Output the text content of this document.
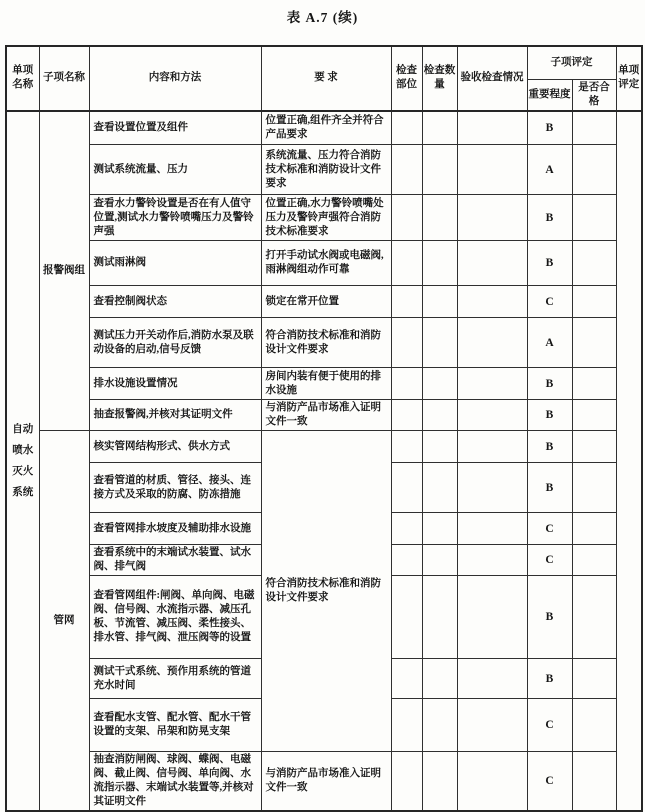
表 A.7 (续)
单项名称	子项名称	内容和方法	要 求	检查部位	检查数量	验收检查情况	子项评定		单项评定
							重要程度	是否合格	
自动喷水灭火系统	报警阀组	查看设置位置及组件	位置正确,组件齐全并符合产品要求				B		
		测试系统流量、压力	系统流量、压力符合消防技术标准和消防设计文件要求				A		
		查看水力警铃设置是否在有人值守位置,测试水力警铃喷嘴压力及警铃声强	位置正确,水力警铃喷嘴处压力及警铃声强符合消防技术标准要求				B		
		测试雨淋阀	打开手动试水阀或电磁阀,雨淋阀组动作可靠				B		
		查看控制阀状态	锁定在常开位置				C		
		测试压力开关动作后,消防水泵及联动设备的启动,信号反馈	符合消防技术标准和消防设计文件要求				A		
		排水设施设置情况	房间内装有便于使用的排水设施				B		
		抽查报警阀,并核对其证明文件	与消防产品市场准入证明文件一致				B		
	管网	核实管网结构形式、供水方式	符合消防技术标准和消防设计文件要求				B		
		查看管道的材质、管径、接头、连接方式及采取的防腐、防冻措施					B		
		查看管网排水坡度及辅助排水设施					C		
		查看系统中的末端试水装置、试水阀、排气阀					C		
		查看管网组件:闸阀、单向阀、电磁阀、信号阀、水流指示器、减压孔板、节流管、减压阀、柔性接头、排水管、排气阀、泄压阀等的设置					B		
		测试干式系统、预作用系统的管道充水时间					B		
		查看配水支管、配水管、配水干管设置的支架、吊架和防晃支架					C		
		抽查消防闸阀、球阀、蝶阀、电磁阀、截止阀、信号阀、单向阀、水流指示器、末端试水装置等,并核对其证明文件	与消防产品市场准入证明文件一致				C		
